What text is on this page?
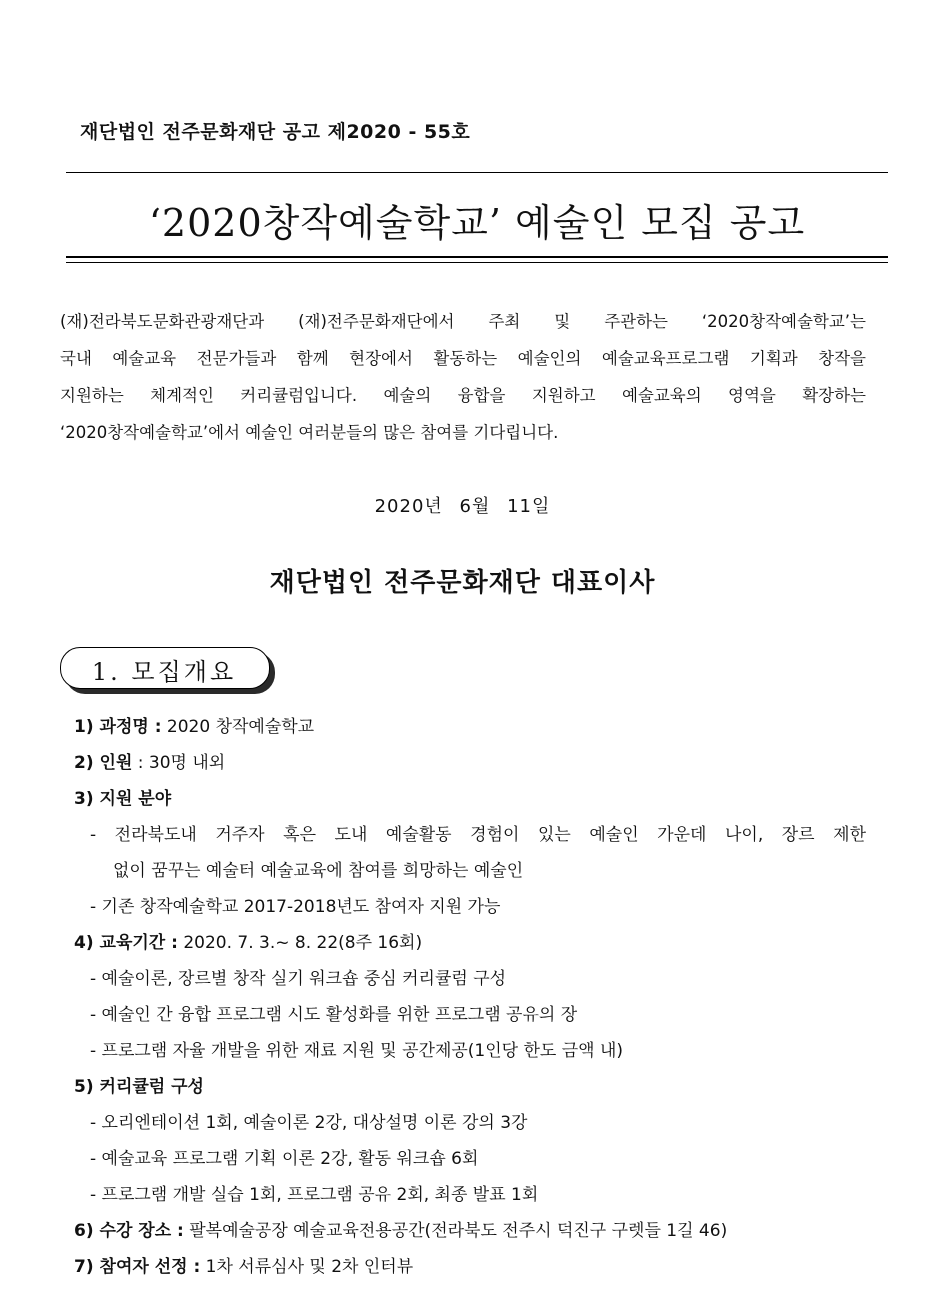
재단법인 전주문화재단 공고 제2020 - 55호
‘2020창작예술학교’ 예술인 모집 공고
(재)전라북도문화관광재단과 (재)전주문화재단에서 주최 및 주관하는 ‘2020창작예술학교’는
국내 예술교육 전문가들과 함께 현장에서 활동하는 예술인의 예술교육프로그램 기획과 창작을
지원하는 체계적인 커리큘럼입니다. 예술의 융합을 지원하고 예술교육의 영역을 확장하는
‘2020창작예술학교’에서 예술인 여러분들의 많은 참여를 기다립니다.
2020년 6월 11일
재단법인 전주문화재단 대표이사
1. 모집개요
1) 과정명 : 2020 창작예술학교
2) 인원 : 30명 내외
3) 지원 분야
- 전라북도내 거주자 혹은 도내 예술활동 경험이 있는 예술인 가운데 나이, 장르 제한
없이 꿈꾸는 예술터 예술교육에 참여를 희망하는 예술인
- 기존 창작예술학교 2017-2018년도 참여자 지원 가능
4) 교육기간 : 2020. 7. 3.~ 8. 22(8주 16회)
- 예술이론, 장르별 창작 실기 워크숍 중심 커리큘럼 구성
- 예술인 간 융합 프로그램 시도 활성화를 위한 프로그램 공유의 장
- 프로그램 자율 개발을 위한 재료 지원 및 공간제공(1인당 한도 금액 내)
5) 커리큘럼 구성
- 오리엔테이션 1회, 예술이론 2강, 대상설명 이론 강의 3강
- 예술교육 프로그램 기획 이론 2강, 활동 워크숍 6회
- 프로그램 개발 실습 1회, 프로그램 공유 2회, 최종 발표 1회
6) 수강 장소 : 팔복예술공장 예술교육전용공간(전라북도 전주시 덕진구 구렛들 1길 46)
7) 참여자 선정 : 1차 서류심사 및 2차 인터뷰
